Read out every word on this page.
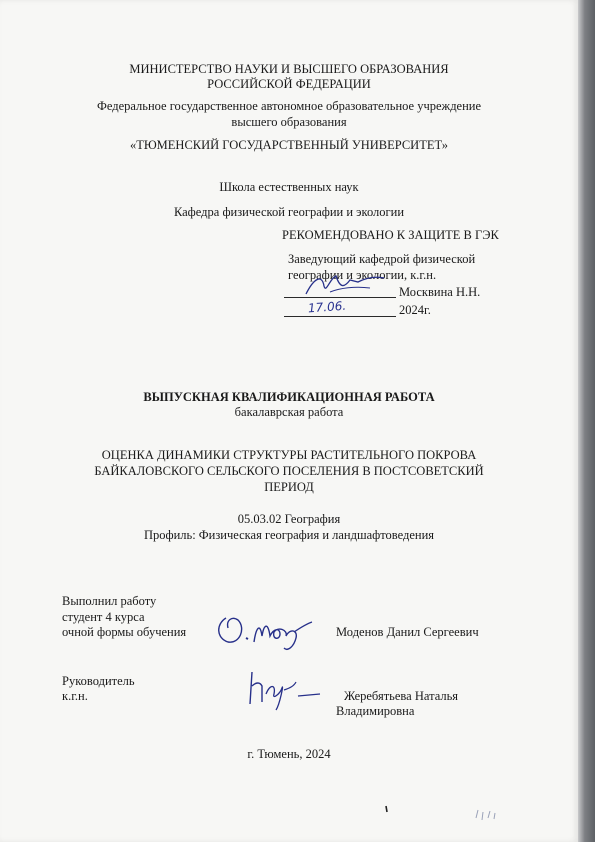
МИНИСТЕРСТВО НАУКИ И ВЫСШЕГО ОБРАЗОВАНИЯ
РОССИЙСКОЙ ФЕДЕРАЦИИ
Федеральное государственное автономное образовательное учреждение
высшего образования
«ТЮМЕНСКИЙ ГОСУДАРСТВЕННЫЙ УНИВЕРСИТЕТ»
Школа естественных наук
Кафедра физической географии и экологии
РЕКОМЕНДОВАНО К ЗАЩИТЕ В ГЭК
Заведующий кафедрой физической
географии и экологии, к.г.н.
Москвина Н.Н.
17.06.	2024г.
ВЫПУСКНАЯ КВАЛИФИКАЦИОННАЯ РАБОТА
бакалаврская работа
ОЦЕНКА ДИНАМИКИ СТРУКТУРЫ РАСТИТЕЛЬНОГО ПОКРОВА
БАЙКАЛОВСКОГО СЕЛЬСКОГО ПОСЕЛЕНИЯ В ПОСТСОВЕТСКИЙ
ПЕРИОД
05.03.02 География
Профиль: Физическая география и ландшафтоведения
Выполнил работу
студент 4 курса
очной формы обучения	Моденов Данил Сергеевич
Руководитель
к.г.н.	Жеребятьева Наталья
Владимировна
г. Тюмень, 2024
